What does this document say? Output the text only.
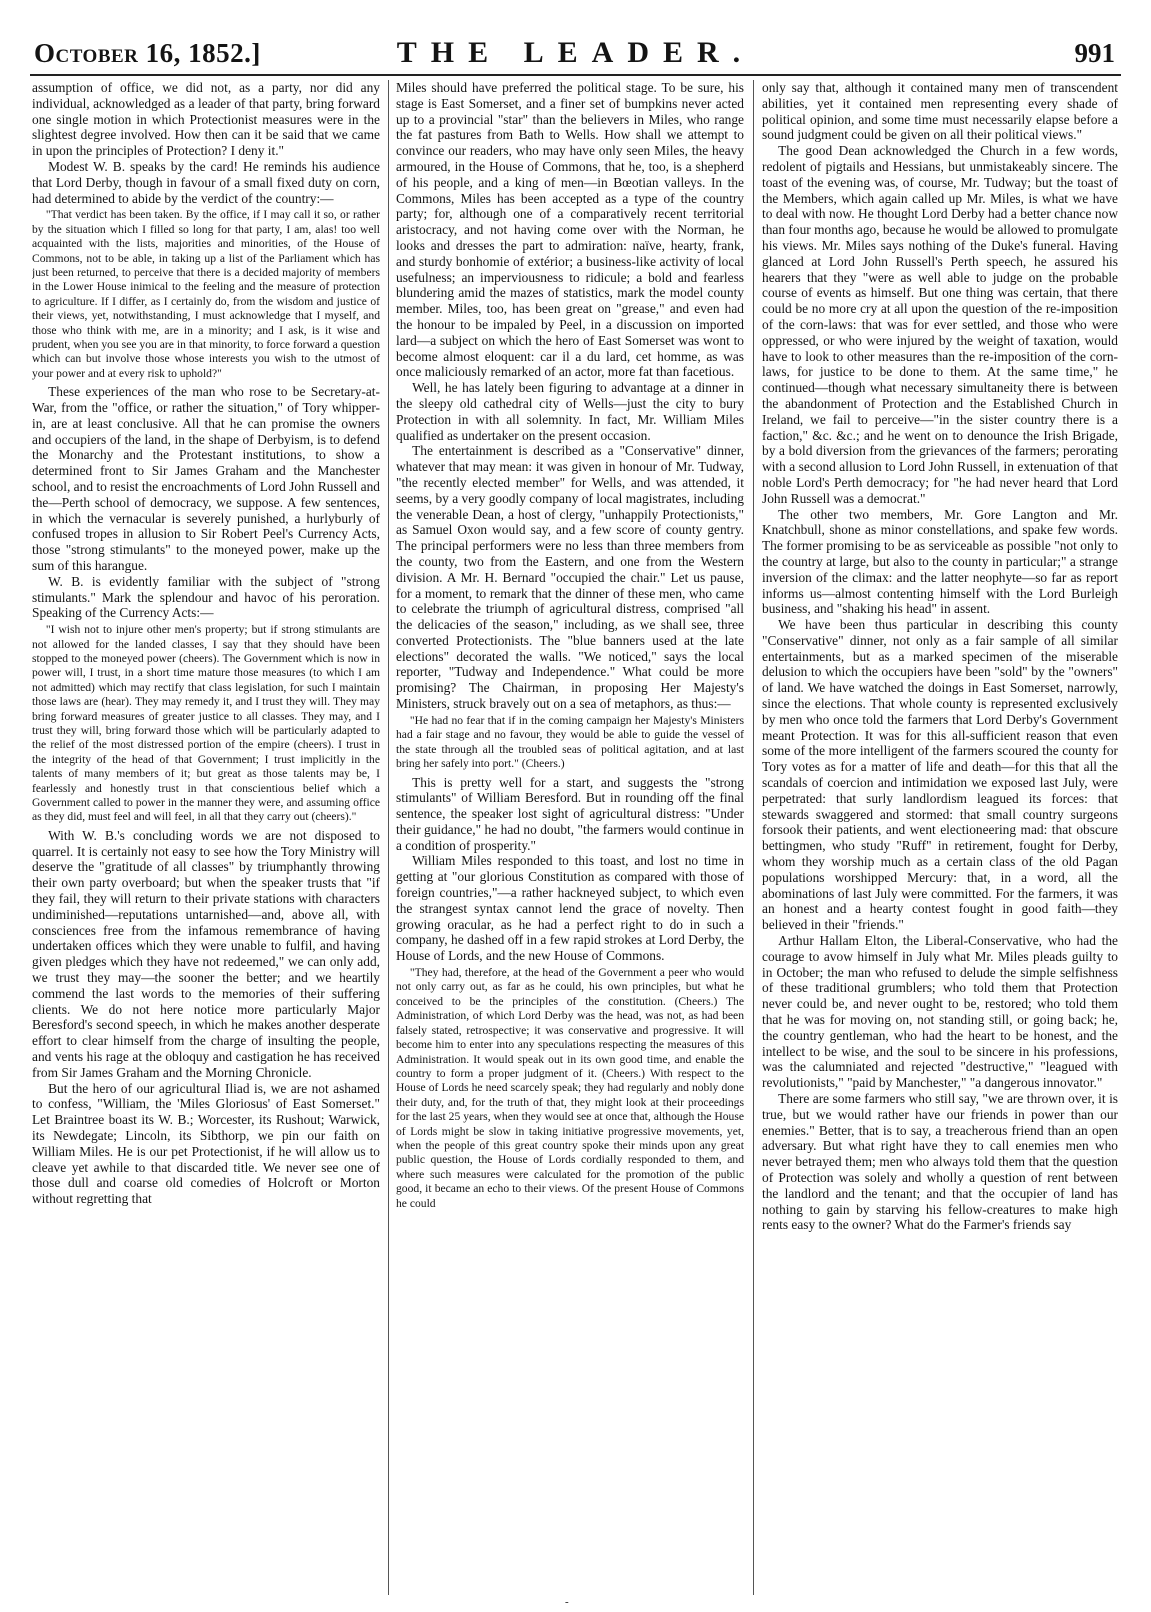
October 16, 1852.]	THE LEADER.	991

assumption of office, we did not, as a party, nor did any individual, acknowledged as a leader of that party, bring forward one single motion in which Protectionist measures were in the slightest degree involved. How then can it be said that we came in upon the principles of Protection? I deny it."

Modest W. B. speaks by the card! He reminds his audience that Lord Derby, though in favour of a small fixed duty on corn, had determined to abide by the verdict of the country:—

"That verdict has been taken. By the office, if I may call it so, or rather by the situation which I filled so long for that party, I am, alas! too well acquainted with the lists, majorities and minorities, of the House of Commons, not to be able, in taking up a list of the Parliament which has just been returned, to perceive that there is a decided majority of members in the Lower House inimical to the feeling and the measure of protection to agriculture. If I differ, as I certainly do, from the wisdom and justice of their views, yet, notwithstanding, I must acknowledge that I myself, and those who think with me, are in a minority; and I ask, is it wise and prudent, when you see you are in that minority, to force forward a question which can but involve those whose interests you wish to the utmost of your power and at every risk to uphold?"

These experiences of the man who rose to be Secretary-at-War, from the "office, or rather the situation," of Tory whipper-in, are at least conclusive. All that he can promise the owners and occupiers of the land, in the shape of Derbyism, is to defend the Monarchy and the Protestant institutions, to show a determined front to Sir James Graham and the Manchester school, and to resist the encroachments of Lord John Russell and the—Perth school of democracy, we suppose. A few sentences, in which the vernacular is severely punished, a hurlyburly of confused tropes in allusion to Sir Robert Peel's Currency Acts, those "strong stimulants" to the moneyed power, make up the sum of this harangue.

W. B. is evidently familiar with the subject of "strong stimulants." Mark the splendour and havoc of his peroration. Speaking of the Currency Acts:—

"I wish not to injure other men's property; but if strong stimulants are not allowed for the landed classes, I say that they should have been stopped to the moneyed power (cheers). The Government which is now in power will, I trust, in a short time mature those measures (to which I am not admitted) which may rectify that class legislation, for such I maintain those laws are (hear). They may remedy it, and I trust they will. They may bring forward measures of greater justice to all classes. They may, and I trust they will, bring forward those which will be particularly adapted to the relief of the most distressed portion of the empire (cheers). I trust in the integrity of the head of that Government; I trust implicitly in the talents of many members of it; but great as those talents may be, I fearlessly and honestly trust in that conscientious belief which a Government called to power in the manner they were, and assuming office as they did, must feel and will feel, in all that they carry out (cheers)."

With W. B.'s concluding words we are not disposed to quarrel. It is certainly not easy to see how the Tory Ministry will deserve the "gratitude of all classes" by triumphantly throwing their own party overboard; but when the speaker trusts that "if they fail, they will return to their private stations with characters undiminished—reputations untarnished—and, above all, with consciences free from the infamous remembrance of having undertaken offices which they were unable to fulfil, and having given pledges which they have not redeemed," we can only add, we trust they may—the sooner the better; and we heartily commend the last words to the memories of their suffering clients. We do not here notice more particularly Major Beresford's second speech, in which he makes another desperate effort to clear himself from the charge of insulting the people, and vents his rage at the obloquy and castigation he has received from Sir James Graham and the Morning Chronicle.

But the hero of our agricultural Iliad is, we are not ashamed to confess, "William, the 'Miles Gloriosus' of East Somerset." Let Braintree boast its W. B.; Worcester, its Rushout; Warwick, its Newdegate; Lincoln, its Sibthorp, we pin our faith on William Miles. He is our pet Protectionist, if he will allow us to cleave yet awhile to that discarded title. We never see one of those dull and coarse old comedies of Holcroft or Morton without regretting that

Miles should have preferred the political stage. To be sure, his stage is East Somerset, and a finer set of bumpkins never acted up to a provincial "star" than the believers in Miles, who range the fat pastures from Bath to Wells. How shall we attempt to convince our readers, who may have only seen Miles, the heavy armoured, in the House of Commons, that he, too, is a shepherd of his people, and a king of men—in Bœotian valleys. In the Commons, Miles has been accepted as a type of the country party; for, although one of a comparatively recent territorial aristocracy, and not having come over with the Norman, he looks and dresses the part to admiration: naïve, hearty, frank, and sturdy bonhomie of extérior; a business-like activity of local usefulness; an imperviousness to ridicule; a bold and fearless blundering amid the mazes of statistics, mark the model county member. Miles, too, has been great on "grease," and even had the honour to be impaled by Peel, in a discussion on imported lard—a subject on which the hero of East Somerset was wont to become almost eloquent: car il a du lard, cet homme, as was once maliciously remarked of an actor, more fat than facetious.

Well, he has lately been figuring to advantage at a dinner in the sleepy old cathedral city of Wells—just the city to bury Protection in with all solemnity. In fact, Mr. William Miles qualified as undertaker on the present occasion.

The entertainment is described as a "Conservative" dinner, whatever that may mean: it was given in honour of Mr. Tudway, "the recently elected member" for Wells, and was attended, it seems, by a very goodly company of local magistrates, including the venerable Dean, a host of clergy, "unhappily Protectionists," as Samuel Oxon would say, and a few score of county gentry. The principal performers were no less than three members from the county, two from the Eastern, and one from the Western division. A Mr. H. Bernard "occupied the chair." Let us pause, for a moment, to remark that the dinner of these men, who came to celebrate the triumph of agricultural distress, comprised "all the delicacies of the season," including, as we shall see, three converted Protectionists. The "blue banners used at the late elections" decorated the walls. "We noticed," says the local reporter, "Tudway and Independence." What could be more promising? The Chairman, in proposing Her Majesty's Ministers, struck bravely out on a sea of metaphors, as thus:—

"He had no fear that if in the coming campaign her Majesty's Ministers had a fair stage and no favour, they would be able to guide the vessel of the state through all the troubled seas of political agitation, and at last bring her safely into port." (Cheers.)

This is pretty well for a start, and suggests the "strong stimulants" of William Beresford. But in rounding off the final sentence, the speaker lost sight of agricultural distress: "Under their guidance," he had no doubt, "the farmers would continue in a condition of prosperity."

William Miles responded to this toast, and lost no time in getting at "our glorious Constitution as compared with those of foreign countries,"—a rather hackneyed subject, to which even the strangest syntax cannot lend the grace of novelty. Then growing oracular, as he had a perfect right to do in such a company, he dashed off in a few rapid strokes at Lord Derby, the House of Lords, and the new House of Commons.

"They had, therefore, at the head of the Government a peer who would not only carry out, as far as he could, his own principles, but what he conceived to be the principles of the constitution. (Cheers.) The Administration, of which Lord Derby was the head, was not, as had been falsely stated, retrospective; it was conservative and progressive. It will become him to enter into any speculations respecting the measures of this Administration. It would speak out in its own good time, and enable the country to form a proper judgment of it. (Cheers.) With respect to the House of Lords he need scarcely speak; they had regularly and nobly done their duty, and, for the truth of that, they might look at their proceedings for the last 25 years, when they would see at once that, although the House of Lords might be slow in taking initiative progressive movements, yet, when the people of this great country spoke their minds upon any great public question, the House of Lords cordially responded to them, and where such measures were calculated for the promotion of the public good, it became an echo to their views. Of the present House of Commons he could

only say that, although it contained many men of transcendent abilities, yet it contained men representing every shade of political opinion, and some time must necessarily elapse before a sound judgment could be given on all their political views."

The good Dean acknowledged the Church in a few words, redolent of pigtails and Hessians, but unmistakeably sincere. The toast of the evening was, of course, Mr. Tudway; but the toast of the Members, which again called up Mr. Miles, is what we have to deal with now. He thought Lord Derby had a better chance now than four months ago, because he would be allowed to promulgate his views. Mr. Miles says nothing of the Duke's funeral. Having glanced at Lord John Russell's Perth speech, he assured his hearers that they "were as well able to judge on the probable course of events as himself. But one thing was certain, that there could be no more cry at all upon the question of the re-imposition of the corn-laws: that was for ever settled, and those who were oppressed, or who were injured by the weight of taxation, would have to look to other measures than the re-imposition of the corn-laws, for justice to be done to them. At the same time," he continued—though what necessary simultaneity there is between the abandonment of Protection and the Established Church in Ireland, we fail to perceive—"in the sister country there is a faction," &c. &c.; and he went on to denounce the Irish Brigade, by a bold diversion from the grievances of the farmers; perorating with a second allusion to Lord John Russell, in extenuation of that noble Lord's Perth democracy; for "he had never heard that Lord John Russell was a democrat."

The other two members, Mr. Gore Langton and Mr. Knatchbull, shone as minor constellations, and spake few words. The former promising to be as serviceable as possible "not only to the country at large, but also to the county in particular;" a strange inversion of the climax: and the latter neophyte—so far as report informs us—almost contenting himself with the Lord Burleigh business, and "shaking his head" in assent.

We have been thus particular in describing this county "Conservative" dinner, not only as a fair sample of all similar entertainments, but as a marked specimen of the miserable delusion to which the occupiers have been "sold" by the "owners" of land. We have watched the doings in East Somerset, narrowly, since the elections. That whole county is represented exclusively by men who once told the farmers that Lord Derby's Government meant Protection. It was for this all-sufficient reason that even some of the more intelligent of the farmers scoured the county for Tory votes as for a matter of life and death—for this that all the scandals of coercion and intimidation we exposed last July, were perpetrated: that surly landlordism leagued its forces: that stewards swaggered and stormed: that small country surgeons forsook their patients, and went electioneering mad: that obscure bettingmen, who study "Ruff" in retirement, fought for Derby, whom they worship much as a certain class of the old Pagan populations worshipped Mercury: that, in a word, all the abominations of last July were committed. For the farmers, it was an honest and a hearty contest fought in good faith—they believed in their "friends."

Arthur Hallam Elton, the Liberal-Conservative, who had the courage to avow himself in July what Mr. Miles pleads guilty to in October; the man who refused to delude the simple selfishness of these traditional grumblers; who told them that Protection never could be, and never ought to be, restored; who told them that he was for moving on, not standing still, or going back; he, the country gentleman, who had the heart to be honest, and the intellect to be wise, and the soul to be sincere in his professions, was the calumniated and rejected "destructive," "leagued with revolutionists," "paid by Manchester," "a dangerous innovator."

There are some farmers who still say, "we are thrown over, it is true, but we would rather have our friends in power than our enemies." Better, that is to say, a treacherous friend than an open adversary. But what right have they to call enemies men who never betrayed them; men who always told them that the question of Protection was solely and wholly a question of rent between the landlord and the tenant; and that the occupier of land has nothing to gain by starving his fellow-creatures to make high rents easy to the owner? What do the Farmer's friends say

-
